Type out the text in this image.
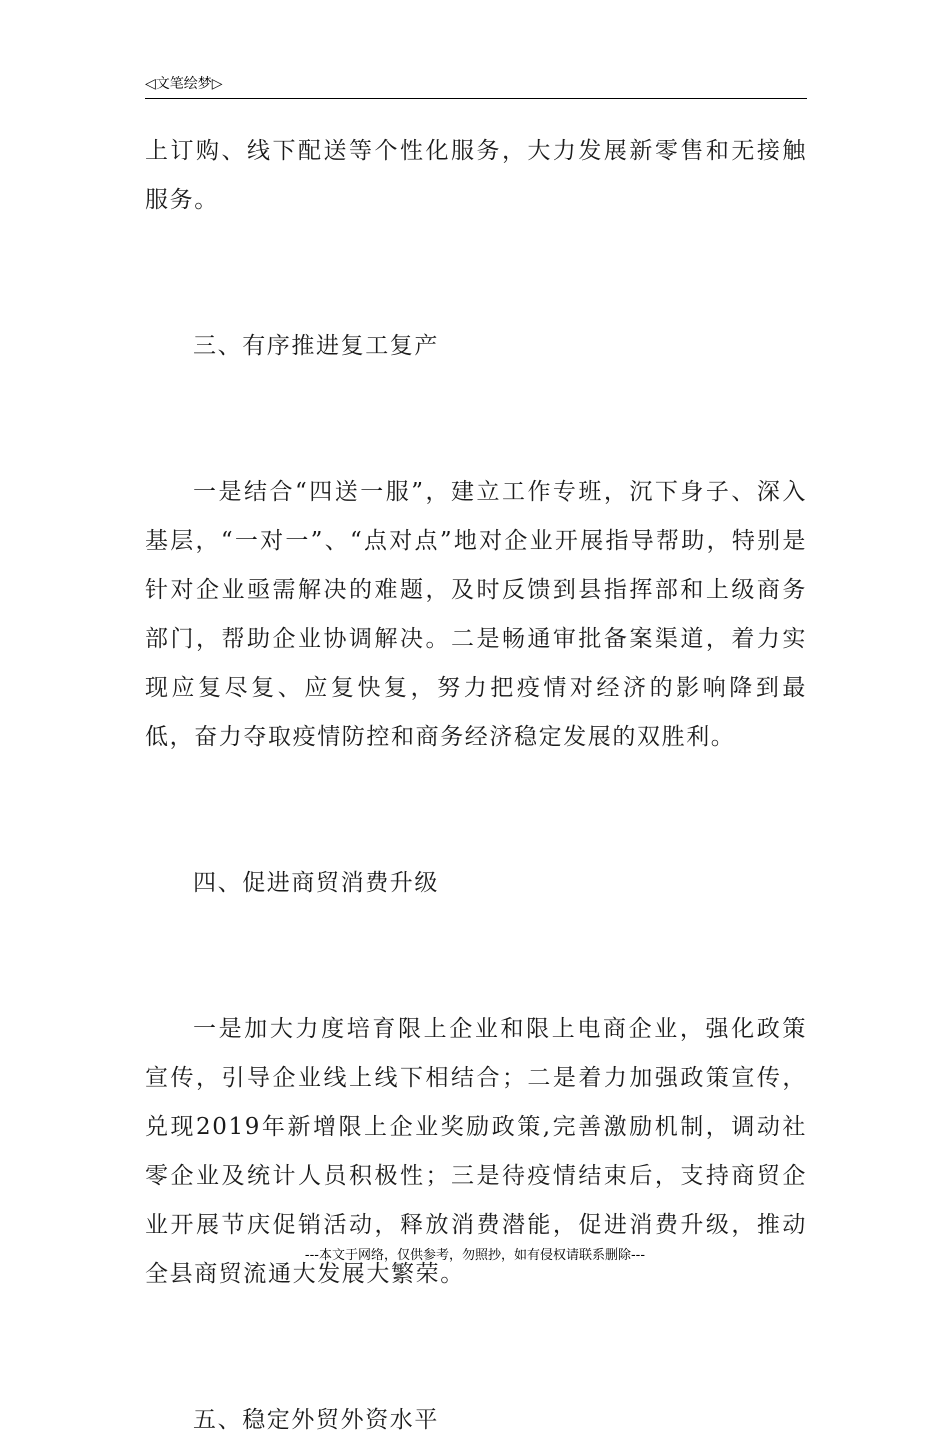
◁文笔绘梦▷

上订购、线下配送等个性化服务，大力发展新零售和无接触服务。

三、有序推进复工复产

一是结合“四送一服”，建立工作专班，沉下身子、深入基层，“一对一”、“点对点”地对企业开展指导帮助，特别是针对企业亟需解决的难题，及时反馈到县指挥部和上级商务部门，帮助企业协调解决。二是畅通审批备案渠道，着力实现应复尽复、应复快复，努力把疫情对经济的影响降到最低，奋力夺取疫情防控和商务经济稳定发展的双胜利。

四、促进商贸消费升级

一是加大力度培育限上企业和限上电商企业，强化政策宣传，引导企业线上线下相结合；二是着力加强政策宣传，兑现2019年新增限上企业奖励政策,完善激励机制，调动社零企业及统计人员积极性；三是待疫情结束后，支持商贸企业开展节庆促销活动，释放消费潜能，促进消费升级，推动全县商贸流通大发展大繁荣。

五、稳定外贸外资水平

---本文于网络，仅供参考，勿照抄，如有侵权请联系删除---
